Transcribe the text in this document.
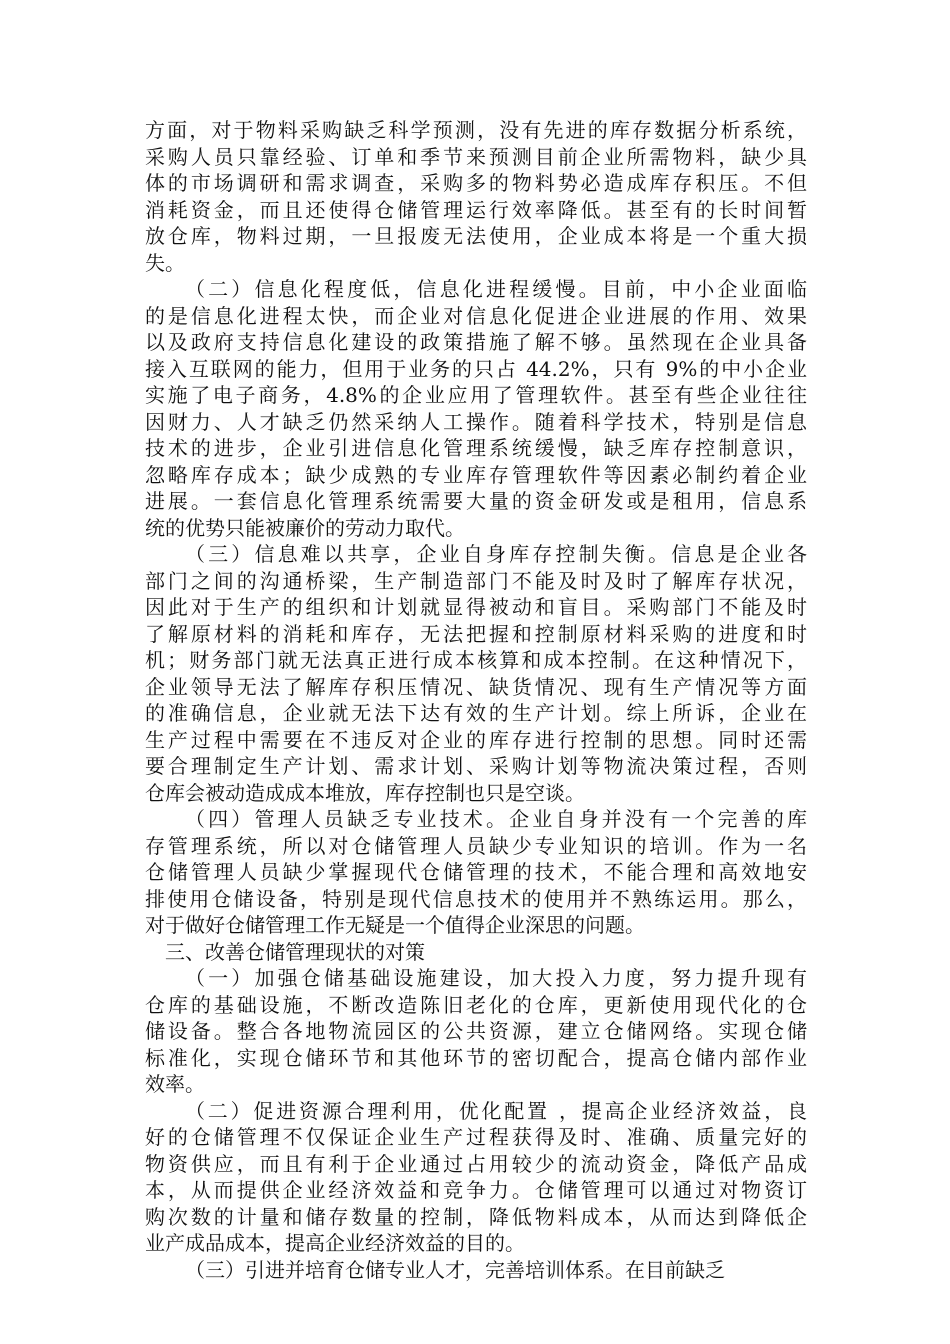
方面，对于物料采购缺乏科学预测，没有先进的库存数据分析系统，
采购人员只靠经验、订单和季节来预测目前企业所需物料，缺少具
体的市场调研和需求调查，采购多的物料势必造成库存积压。不但
消耗资金，而且还使得仓储管理运行效率降低。甚至有的长时间暂
放仓库，物料过期，一旦报废无法使用，企业成本将是一个重大损
失。
（二）信息化程度低，信息化进程缓慢。目前，中小企业面临
的是信息化进程太快，而企业对信息化促进企业进展的作用、效果
以及政府支持信息化建设的政策措施了解不够。虽然现在企业具备
接入互联网的能力，但用于业务的只占 44.2%，只有 9%的中小企业
实施了电子商务，4.8%的企业应用了管理软件。甚至有些企业往往
因财力、人才缺乏仍然采纳人工操作。随着科学技术，特别是信息
技术的进步，企业引进信息化管理系统缓慢，缺乏库存控制意识，
忽略库存成本；缺少成熟的专业库存管理软件等因素必制约着企业
进展。一套信息化管理系统需要大量的资金研发或是租用，信息系
统的优势只能被廉价的劳动力取代。
（三）信息难以共享，企业自身库存控制失衡。信息是企业各
部门之间的沟通桥梁，生产制造部门不能及时及时了解库存状况，
因此对于生产的组织和计划就显得被动和盲目。采购部门不能及时
了解原材料的消耗和库存，无法把握和控制原材料采购的进度和时
机；财务部门就无法真正进行成本核算和成本控制。在这种情况下，
企业领导无法了解库存积压情况、缺货情况、现有生产情况等方面
的准确信息，企业就无法下达有效的生产计划。综上所诉，企业在
生产过程中需要在不违反对企业的库存进行控制的思想。同时还需
要合理制定生产计划、需求计划、采购计划等物流决策过程，否则
仓库会被动造成成本堆放，库存控制也只是空谈。
（四）管理人员缺乏专业技术。企业自身并没有一个完善的库
存管理系统，所以对仓储管理人员缺少专业知识的培训。作为一名
仓储管理人员缺少掌握现代仓储管理的技术，不能合理和高效地安
排使用仓储设备，特别是现代信息技术的使用并不熟练运用。那么，
对于做好仓储管理工作无疑是一个值得企业深思的问题。
三、改善仓储管理现状的对策
（一）加强仓储基础设施建设，加大投入力度，努力提升现有
仓库的基础设施，不断改造陈旧老化的仓库，更新使用现代化的仓
储设备。整合各地物流园区的公共资源，建立仓储网络。实现仓储
标准化，实现仓储环节和其他环节的密切配合，提高仓储内部作业
效率。
（二）促进资源合理利用，优化配置 ，提高企业经济效益，良
好的仓储管理不仅保证企业生产过程获得及时、准确、质量完好的
物资供应，而且有利于企业通过占用较少的流动资金，降低产品成
本，从而提供企业经济效益和竞争力。仓储管理可以通过对物资订
购次数的计量和储存数量的控制，降低物料成本，从而达到降低企
业产成品成本，提高企业经济效益的目的。
（三）引进并培育仓储专业人才，完善培训体系。在目前缺乏
